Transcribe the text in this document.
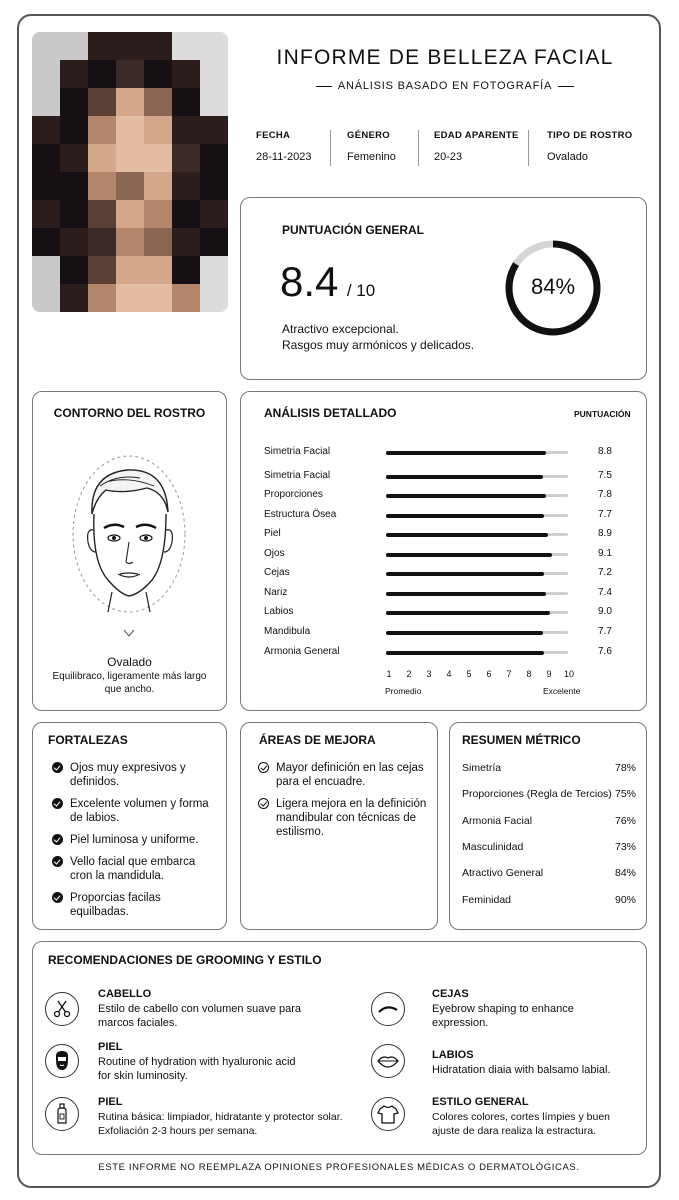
INFORME DE BELLEZA FACIAL
ANÁLISIS BASADO EN FOTOGRAFÍA
FECHA
28-11-2023
GÉNERO
Femenino
EDAD APARENTE
20-23
TIPO DE ROSTRO
Ovalado
PUNTUACIÓN GENERAL
8.4 / 10
Atractivo excepcional.
Rasgos muy armónicos y delicados.
84%
CONTORNO DEL ROSTRO
Ovalado
Equilibraco, ligeramente más largo
que ancho.
ANÁLISIS DETALLADO	PUNTUACIÓN
Simetria Facial	8.8
Simetria Facial	7.5
Proporciones	7.8
Estructura Ösea	7.7
Piel	8.9
Ojos	9.1
Cejas	7.2
Nariz	7.4
Labios	9.0
Mandibula	7.7
Armonia General	7.6
1	2	3	4	5	6	7	8	9	10
Promedio	Excelente
FORTALEZAS
Ojos muy expresivos y
definidos.
Excelente volumen y forma
de labios.
Piel luminosa y uniforme.
Vello facial que embarca
cron la mandidula.
Proporcias facilas equilbadas.
ÁREAS DE MEJORA
Mayor definición en las cejas
para el encuadre.
Ligera mejora en la definición
mandibular con técnicas de
estilismo.
RESUMEN MÉTRICO
Simetría	78%
Proporciones (Regla de Tercios) 75%
Armonia Facial	76%
Masculinidad	73%
Atractivo General	84%
Feminidad	90%
RECOMENDACIONES DE GROOMING Y ESTILO
CABELLO
Estilo de cabello con volumen suave para
marcos faciales.
PIEL
Routine of hydration with hyaluronic acid
for skin luminosity.
PIEL
Rutina básica: limpiador, hidratante y protector solar.
Exfoliación 2-3 hours per semana.
CEJAS
Eyebrow shaping to enhance
expression.
LABIOS
Hidratation diaia with balsamo labial.
ESTILO GENERAL
Colores colores, cortes límpies y buen
ajuste de dara realiza la estractura.
ESTE INFORME NO REEMPLAZA OPINIONES PROFESIONALES MÉDICAS O DERMATOLÓGICAS.
